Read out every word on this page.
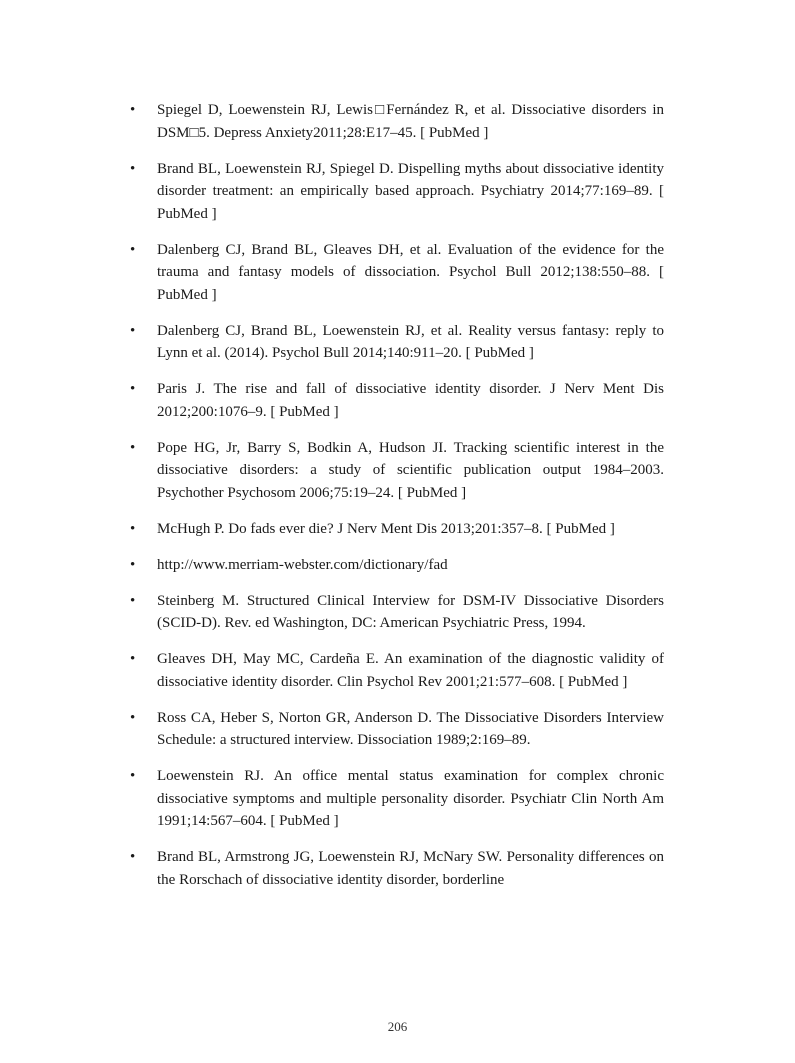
•	Spiegel D, Loewenstein RJ, Lewis□Fernández R, et al. Dissociative disorders in DSM□5. Depress Anxiety2011;28:E17–45. [ PubMed ]
•	Brand BL, Loewenstein RJ, Spiegel D. Dispelling myths about dissociative identity disorder treatment: an empirically based approach. Psychiatry 2014;77:169–89. [ PubMed ]
•	Dalenberg CJ, Brand BL, Gleaves DH, et al. Evaluation of the evidence for the trauma and fantasy models of dissociation. Psychol Bull 2012;138:550–88. [ PubMed ]
•	Dalenberg CJ, Brand BL, Loewenstein RJ, et al. Reality versus fantasy: reply to Lynn et al. (2014). Psychol Bull 2014;140:911–20. [ PubMed ]
•	Paris J. The rise and fall of dissociative identity disorder. J Nerv Ment Dis 2012;200:1076–9. [ PubMed ]
•	Pope HG, Jr, Barry S, Bodkin A, Hudson JI. Tracking scientific interest in the dissociative disorders: a study of scientific publication output 1984–2003. Psychother Psychosom 2006;75:19–24. [ PubMed ]
•	McHugh P. Do fads ever die? J Nerv Ment Dis 2013;201:357–8. [ PubMed ]
•	http://www.merriam-webster.com/dictionary/fad
•	Steinberg M. Structured Clinical Interview for DSM-IV Dissociative Disorders (SCID-D). Rev. ed Washington, DC: American Psychiatric Press, 1994.
•	Gleaves DH, May MC, Cardeña E. An examination of the diagnostic validity of dissociative identity disorder. Clin Psychol Rev 2001;21:577–608. [ PubMed ]
•	Ross CA, Heber S, Norton GR, Anderson D. The Dissociative Disorders Interview Schedule: a structured interview. Dissociation 1989;2:169–89.
•	Loewenstein RJ. An office mental status examination for complex chronic dissociative symptoms and multiple personality disorder. Psychiatr Clin North Am 1991;14:567–604. [ PubMed ]
•	Brand BL, Armstrong JG, Loewenstein RJ, McNary SW. Personality differences on the Rorschach of dissociative identity disorder, borderline
206
